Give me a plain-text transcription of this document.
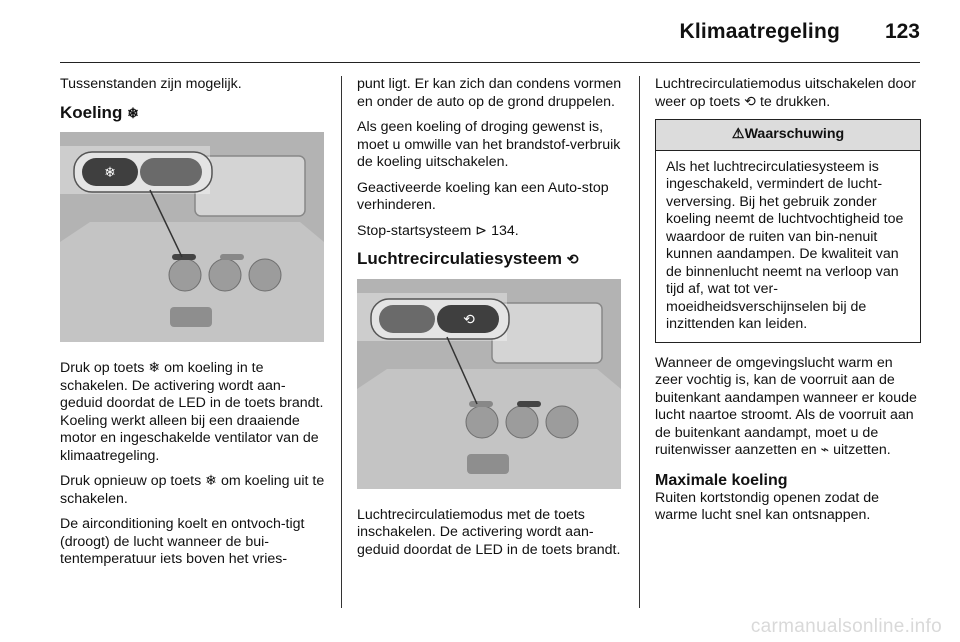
Klimaatregeling 123

Tussenstanden zijn mogelijk.

Koeling ❄
❄

Druk op toets ❄ om koeling in te schakelen. De activering wordt aan-geduid doordat de LED in de toets brandt. Koeling werkt alleen bij een draaiende motor en ingeschakelde ventilator van de klimaatregeling.

Druk opnieuw op toets ❄ om koeling uit te schakelen.

De airconditioning koelt en ontvoch-tigt (droogt) de lucht wanneer de bui-tentemperatuur iets boven het vries-

punt ligt. Er kan zich dan condens vormen en onder de auto op de grond druppelen.

Als geen koeling of droging gewenst is, moet u omwille van het brandstof-verbruik de koeling uitschakelen.

Geactiveerde koeling kan een Auto-stop verhinderen.

Stop-startsysteem ⊳ 134.

Luchtrecirculatiesysteem ⟲
⟲

Luchtrecirculatiemodus met de toets inschakelen. De activering wordt aan-geduid doordat de LED in de toets brandt.

Luchtrecirculatiemodus uitschakelen door weer op toets ⟲ te drukken.

⚠Waarschuwing
Als het luchtrecirculatiesysteem is ingeschakeld, vermindert de lucht-verversing. Bij het gebruik zonder koeling neemt de luchtvochtigheid toe waardoor de ruiten van bin-nenuit kunnen aandampen. De kwaliteit van de binnenlucht neemt na verloop van tijd af, wat tot ver-moeidheidsverschijnselen bij de inzittenden kan leiden.

Wanneer de omgevingslucht warm en zeer vochtig is, kan de voorruit aan de buitenkant aandampen wanneer er koude lucht naartoe stroomt. Als de voorruit aan de buitenkant aandampt, moet u de ruitenwisser aanzetten en ⌁ uitzetten.

Maximale koeling

Ruiten kortstondig openen zodat de warme lucht snel kan ontsnappen.

carmanualsonline.info
